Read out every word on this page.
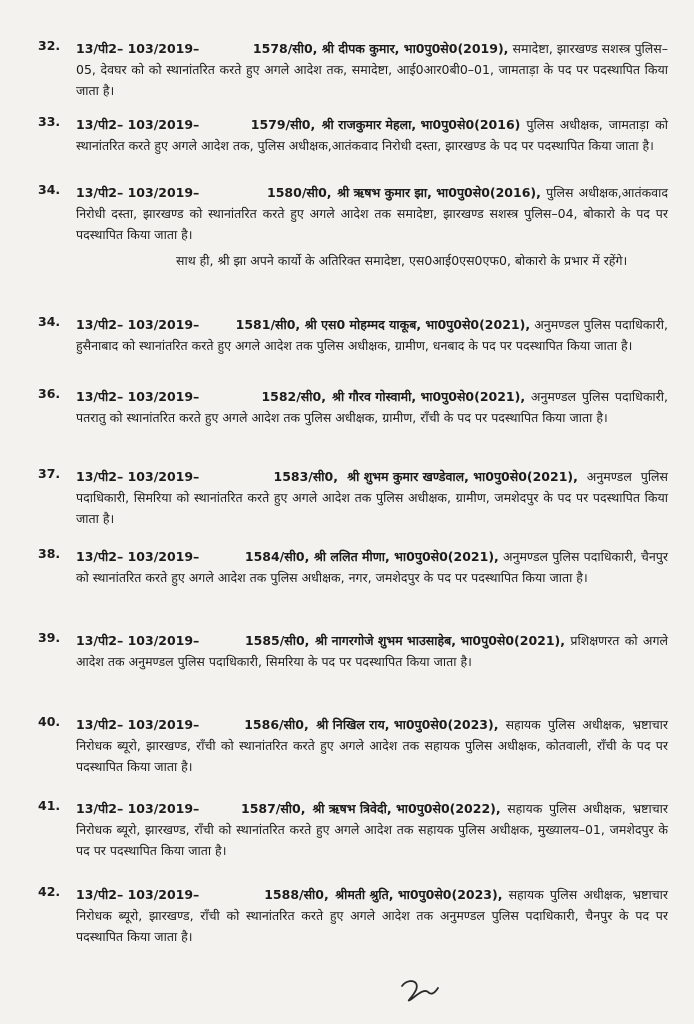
32. 13/पी2– 103/2019–	1578/सी0, श्री दीपक कुमार, भा0पु0से0(2019), समादेष्टा, झारखण्ड सशस्त्र पुलिस–05, देवघर को को स्थानांतरित करते हुए अगले आदेश तक, समादेष्टा, आई0आर0बी0–01, जामताड़ा के पद पर पदस्थापित किया जाता है।
33. 13/पी2– 103/2019–	1579/सी0, श्री राजकुमार मेहला, भा0पु0से0(2016) पुलिस अधीक्षक, जामताड़ा को स्थानांतरित करते हुए अगले आदेश तक, पुलिस अधीक्षक,आतंकवाद निरोधी दस्ता, झारखण्ड के पद पर पदस्थापित किया जाता है।
34. 13/पी2– 103/2019–	1580/सी0, श्री ऋषभ कुमार झा, भा0पु0से0(2016), पुलिस अधीक्षक,आतंकवाद निरोधी दस्ता, झारखण्ड को स्थानांतरित करते हुए अगले आदेश तक समादेष्टा, झारखण्ड सशस्त्र पुलिस–04, बोकारो के पद पर पदस्थापित किया जाता है।
साथ ही, श्री झा अपने कार्यो के अतिरिक्त समादेष्टा, एस0आई0एस0एफ0, बोकारो के प्रभार में रहेंगे।
34. 13/पी2– 103/2019–	1581/सी0, श्री एस0 मोहम्मद याकूब, भा0पु0से0(2021), अनुमण्डल पुलिस पदाधिकारी, हुसैनाबाद को स्थानांतरित करते हुए अगले आदेश तक पुलिस अधीक्षक, ग्रामीण, धनबाद के पद पर पदस्थापित किया जाता है।
36. 13/पी2– 103/2019–	1582/सी0, श्री गौरव गोस्वामी, भा0पु0से0(2021), अनुमण्डल पुलिस पदाधिकारी, पतरातु को स्थानांतरित करते हुए अगले आदेश तक पुलिस अधीक्षक, ग्रामीण, राँची के पद पर पदस्थापित किया जाता है।
37. 13/पी2– 103/2019–	1583/सी0, श्री शुभम कुमार खण्डेवाल, भा0पु0से0(2021), अनुमण्डल पुलिस पदाधिकारी, सिमरिया को स्थानांतरित करते हुए अगले आदेश तक पुलिस अधीक्षक, ग्रामीण, जमशेदपुर के पद पर पदस्थापित किया जाता है।
38. 13/पी2– 103/2019–	1584/सी0, श्री ललित मीणा, भा0पु0से0(2021), अनुमण्डल पुलिस पदाधिकारी, चैनपुर को स्थानांतरित करते हुए अगले आदेश तक पुलिस अधीक्षक, नगर, जमशेदपुर के पद पर पदस्थापित किया जाता है।
39. 13/पी2– 103/2019–	1585/सी0, श्री नागरगोजे शुभम भाउसाहेब, भा0पु0से0(2021), प्रशिक्षणरत को अगले आदेश तक अनुमण्डल पुलिस पदाधिकारी, सिमरिया के पद पर पदस्थापित किया जाता है।
40. 13/पी2– 103/2019–	1586/सी0, श्री निखिल राय, भा0पु0से0(2023), सहायक पुलिस अधीक्षक, भ्रष्टाचार निरोधक ब्यूरो, झारखण्ड, राँची को स्थानांतरित करते हुए अगले आदेश तक सहायक पुलिस अधीक्षक, कोतवाली, राँची के पद पर पदस्थापित किया जाता है।
41. 13/पी2– 103/2019–	1587/सी0, श्री ऋषभ त्रिवेदी, भा0पु0से0(2022), सहायक पुलिस अधीक्षक, भ्रष्टाचार निरोधक ब्यूरो, झारखण्ड, राँची को स्थानांतरित करते हुए अगले आदेश तक सहायक पुलिस अधीक्षक, मुख्यालय–01, जमशेदपुर के पद पर पदस्थापित किया जाता है।
42. 13/पी2– 103/2019–	1588/सी0, श्रीमती श्रुति, भा0पु0से0(2023), सहायक पुलिस अधीक्षक, भ्रष्टाचार निरोधक ब्यूरो, झारखण्ड, राँची को स्थानांतरित करते हुए अगले आदेश तक अनुमण्डल पुलिस पदाधिकारी, चैनपुर के पद पर पदस्थापित किया जाता है।
